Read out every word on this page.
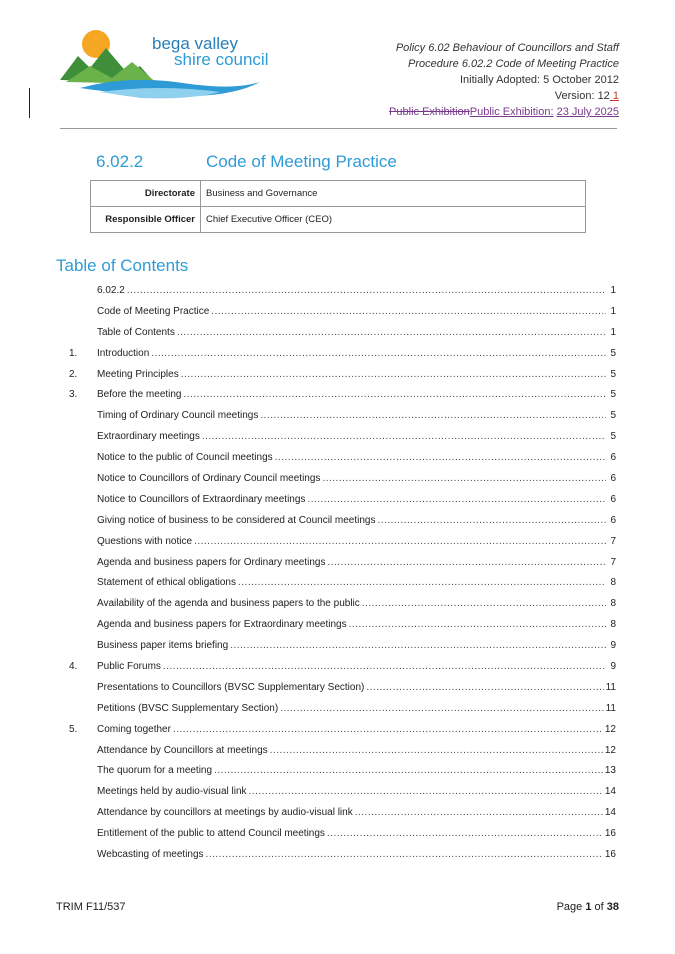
bega valley
shire council
Policy 6.02 Behaviour of Councillors and Staff
Procedure 6.02.2 Code of Meeting Practice
Initially Adopted: 5 October 2012
Version: 12 1
Public ExhibitionPublic Exhibition: 23 July 2025
6.02.2	Code of Meeting Practice
Directorate	Business and Governance
Responsible Officer	Chief Executive Officer (CEO)
Table of Contents
6.02.2 .....	1
Code of Meeting Practice .....	1
Table of Contents .....	1
1.	Introduction .....	5
2.	Meeting Principles .....	5
3.	Before the meeting .....	5
Timing of Ordinary Council meetings .....	5
Extraordinary meetings .....	5
Notice to the public of Council meetings .....	6
Notice to Councillors of Ordinary Council meetings .....	6
Notice to Councillors of Extraordinary meetings .....	6
Giving notice of business to be considered at Council meetings .....	6
Questions with notice .....	7
Agenda and business papers for Ordinary meetings .....	7
Statement of ethical obligations .....	8
Availability of the agenda and business papers to the public .....	8
Agenda and business papers for Extraordinary meetings .....	8
Business paper items briefing .....	9
4.	Public Forums .....	9
Presentations to Councillors (BVSC Supplementary Section) .....	11
Petitions (BVSC Supplementary Section) .....	11
5.	Coming together .....	12
Attendance by Councillors at meetings .....	12
The quorum for a meeting .....	13
Meetings held by audio-visual link .....	14
Attendance by councillors at meetings by audio-visual link .....	14
Entitlement of the public to attend Council meetings .....	16
Webcasting of meetings .....	16
TRIM F11/537	Page 1 of 38
